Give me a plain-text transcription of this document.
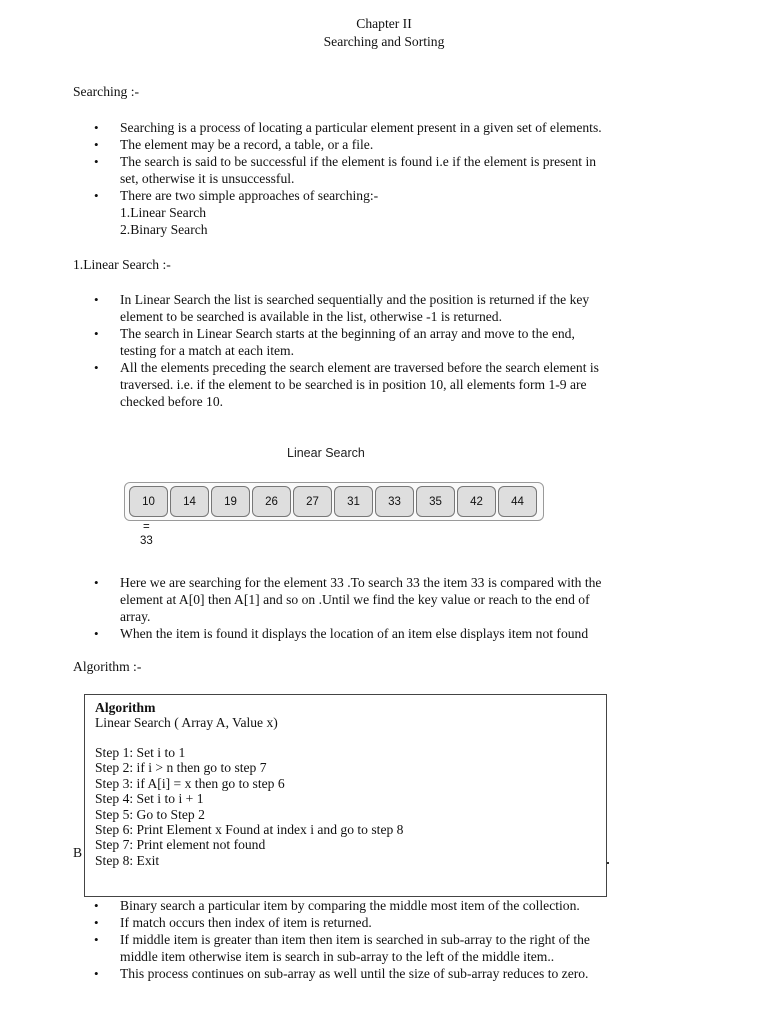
Chapter II
Searching and Sorting
Searching :-
• Searching is a process of locating a particular element present in a given set of elements.
• The element may be a record, a table, or a file.
• The search is said to be successful if the element is found i.e if the element is present in
set, otherwise it is unsuccessful.
• There are two simple approaches of searching:-
1.Linear Search
2.Binary Search
1.Linear Search :-
• In Linear Search the list is searched sequentially and the position is returned if the key
element to be searched is available in the list, otherwise -1 is returned.
• The search in Linear Search starts at the beginning of an array and move to the end,
testing for a match at each item.
• All the elements preceding the search element are traversed before the search element is
traversed. i.e. if the element to be searched is in position 10, all elements form 1-9 are
checked before 10.
Linear Search
10	14	19	26	27	31	33	35	42	44
=
33
• Here we are searching for the element 33 .To search 33 the item 33 is compared with the
element at A[0] then A[1] and so on .Until we find the key value or reach to the end of
array.
• When the item is found it displays the location of an item else displays item not found
Algorithm :-
B
Algorithm
Linear Search ( Array A, Value x)
Step 1: Set i to 1
Step 2: if i > n then go to step 7
Step 3: if A[i] = x then go to step 6
Step 4: Set i to i + 1
Step 5: Go to Step 2
Step 6: Print Element x Found at index i and go to step 8
Step 7: Print element not found
Step 8: Exit
• Binary search a particular item by comparing the middle most item of the collection.
• If match occurs then index of item is returned.
• If middle item is greater than item then item is searched in sub-array to the right of the
middle item otherwise item is search in sub-array to the left of the middle item..
• This process continues on sub-array as well until the size of sub-array reduces to zero.
